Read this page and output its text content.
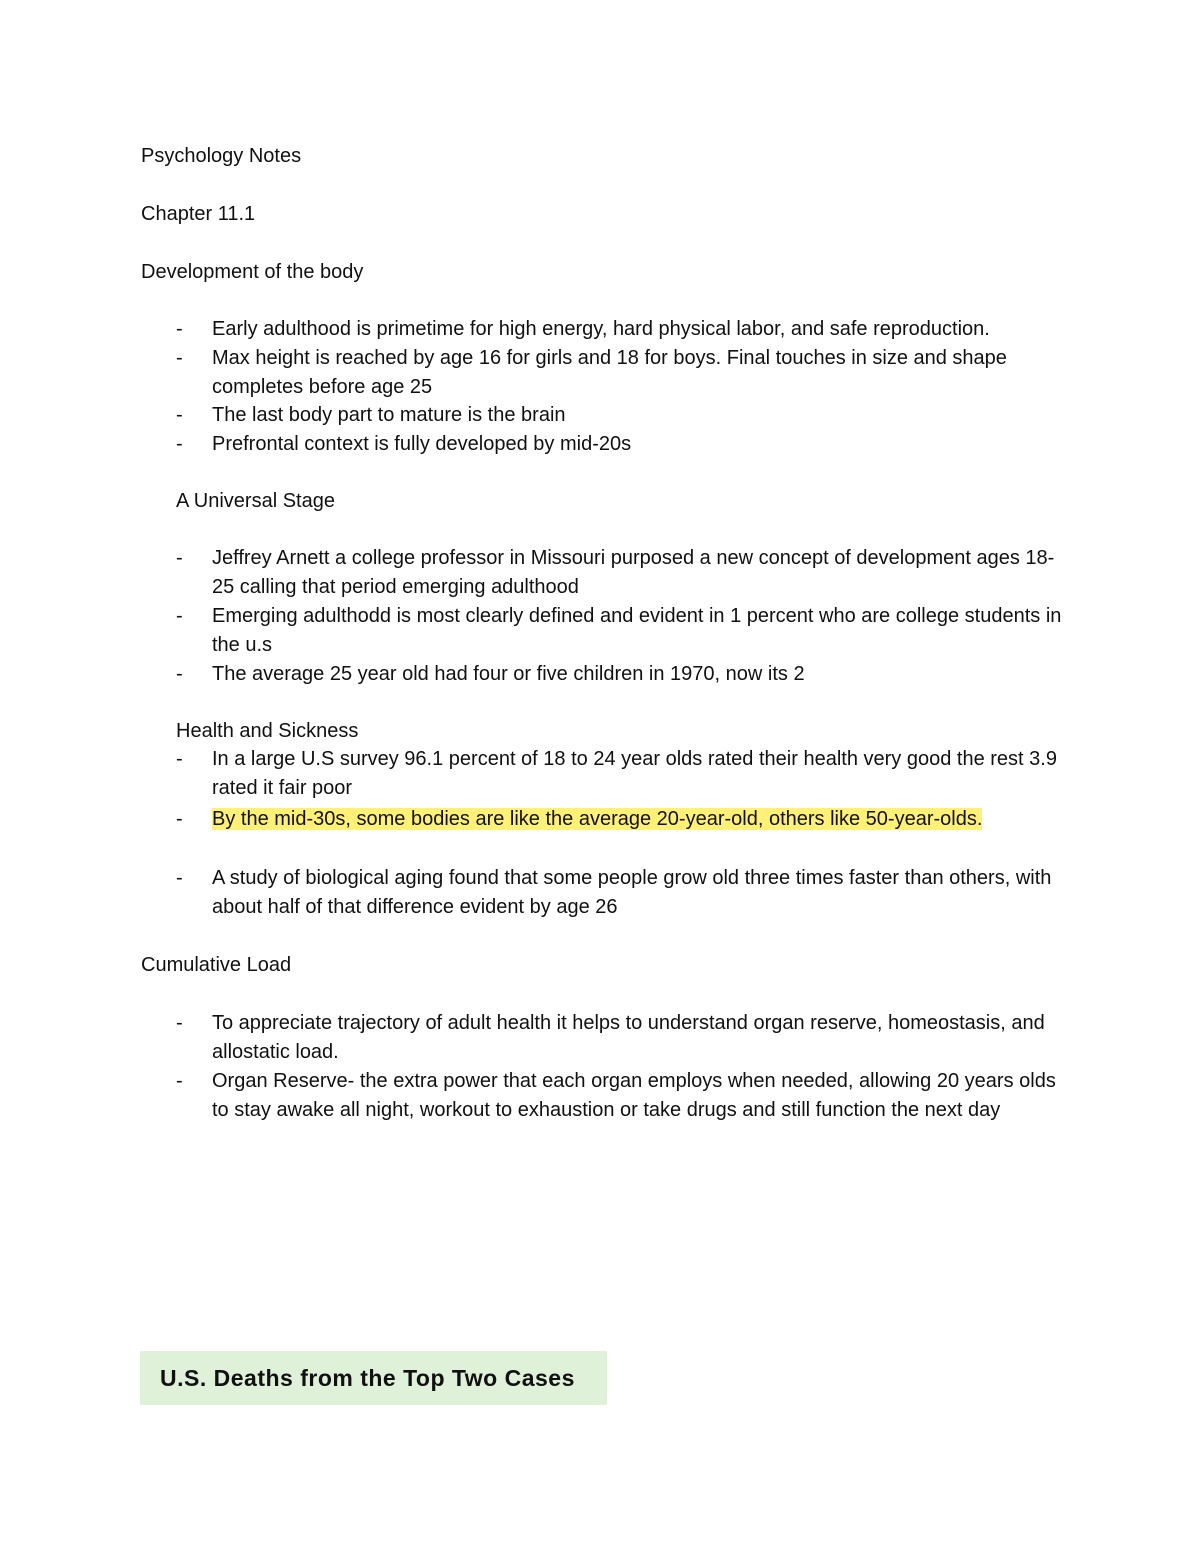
Psychology Notes
Chapter 11.1
Development of the body
-	Early adulthood is primetime for high energy, hard physical labor, and safe reproduction.
-	Max height is reached by age 16 for girls and 18 for boys. Final touches in size and shape completes before age 25
-	The last body part to mature is the brain
-	Prefrontal context is fully developed by mid-20s
A Universal Stage
-	Jeffrey Arnett a college professor in Missouri purposed a new concept of development ages 18-25 calling that period emerging adulthood
-	Emerging adulthodd is most clearly defined and evident in 1 percent who are college students in the u.s
-	The average 25 year old had four or five children in 1970, now its 2
Health and Sickness
-	In a large U.S survey 96.1 percent of 18 to 24 year olds rated their health very good the rest 3.9 rated it fair poor
-	By the mid-30s, some bodies are like the average 20-year-old, others like 50-year-olds.
-	A study of biological aging found that some people grow old three times faster than others, with about half of that difference evident by age 26
Cumulative Load
-	To appreciate trajectory of adult health it helps to understand organ reserve, homeostasis, and allostatic load.
-	Organ Reserve- the extra power that each organ employs when needed, allowing 20 years olds to stay awake all night, workout to exhaustion or take drugs and still function the next day
U.S. Deaths from the Top Two Cases
